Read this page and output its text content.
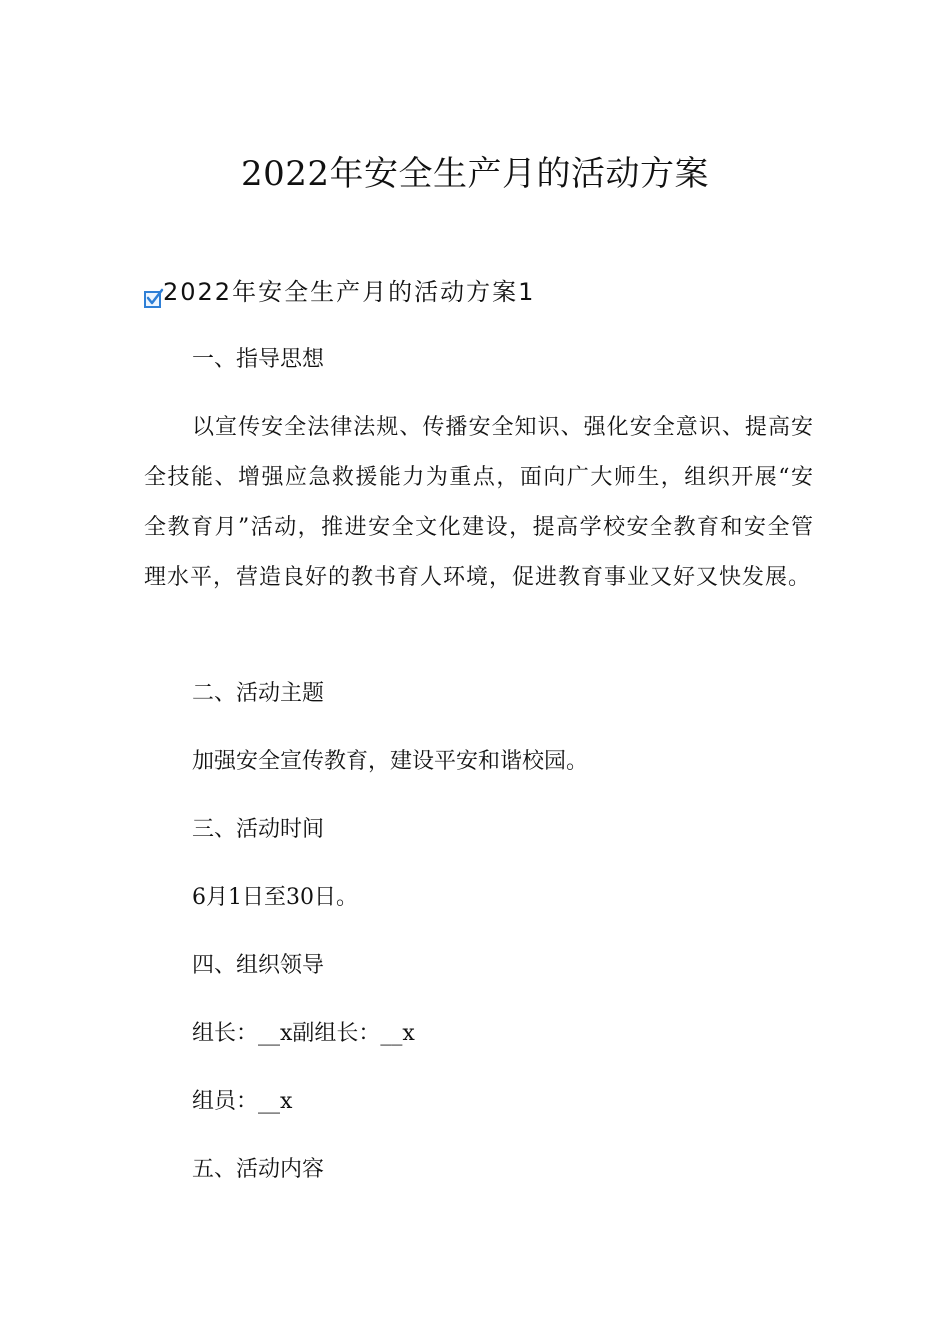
2022年安全生产月的活动方案
2022年安全生产月的活动方案1
一、指导思想
以宣传安全法律法规、传播安全知识、强化安全意识、提高安全技能、增强应急救援能力为重点，面向广大师生，组织开展“安全教育月”活动，推进安全文化建设，提高学校安全教育和安全管理水平，营造良好的教书育人环境，促进教育事业又好又快发展。
二、活动主题
加强安全宣传教育，建设平安和谐校园。
三、活动时间
6月1日至30日。
四、组织领导
组长：__x副组长：__x
组员：__x
五、活动内容
